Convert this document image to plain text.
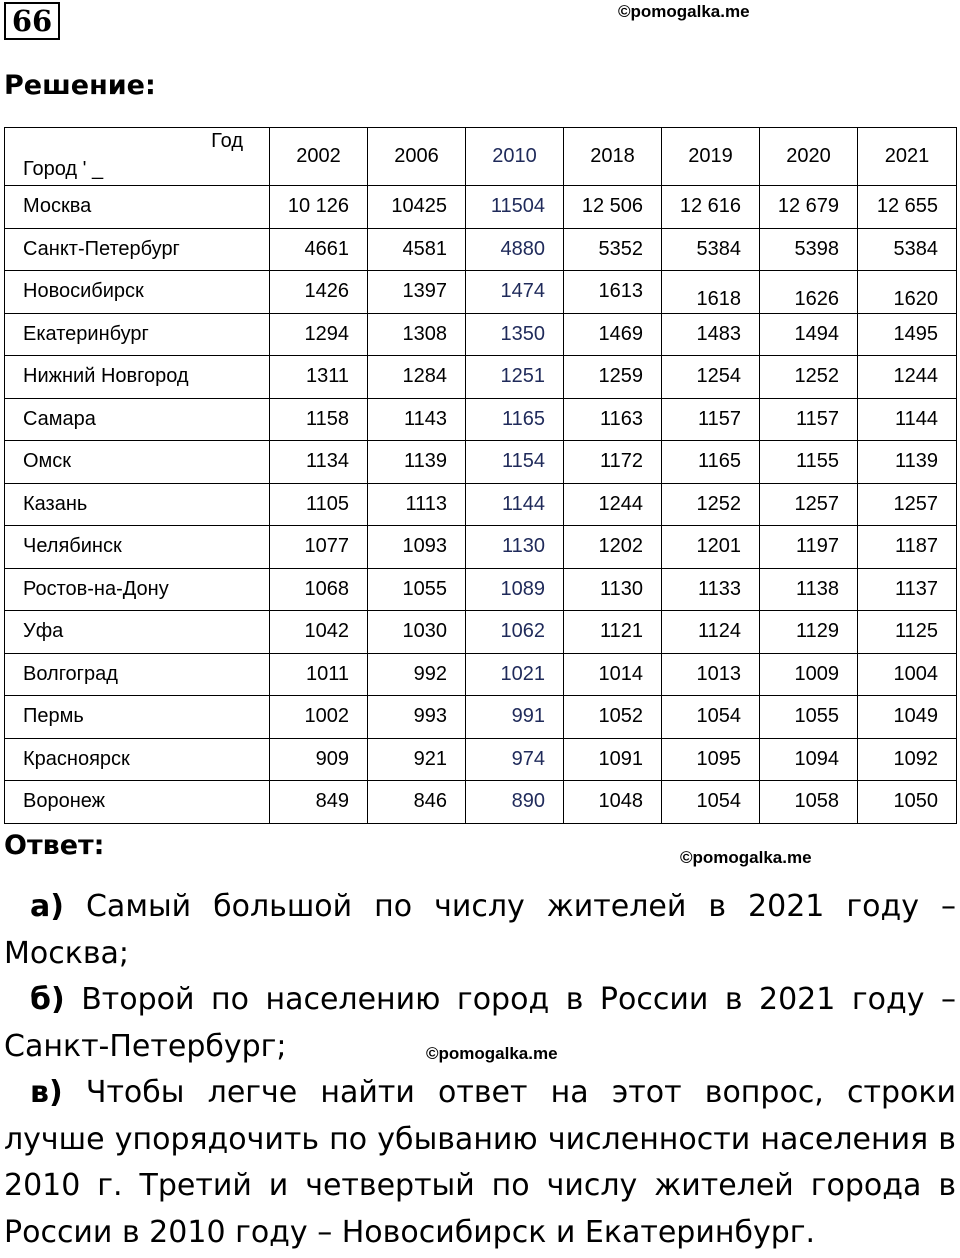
66	©pomogalka.me
Решение:
Год
Город ' _	2002	2006	2010	2018	2019	2020	2021
Москва	10 126	10425	11504	12 506	12 616	12 679	12 655
Санкт-Петербург	4661	4581	4880	5352	5384	5398	5384
Новосибирск	1426	1397	1474	1613	1618	1626	1620
Екатеринбург	1294	1308	1350	1469	1483	1494	1495
Нижний Новгород	1311	1284	1251	1259	1254	1252	1244
Самара	1158	1143	1165	1163	1157	1157	1144
Омск	1134	1139	1154	1172	1165	1155	1139
Казань	1105	1113	1144	1244	1252	1257	1257
Челябинск	1077	1093	1130	1202	1201	1197	1187
Ростов-на-Дону	1068	1055	1089	1130	1133	1138	1137
Уфа	1042	1030	1062	1121	1124	1129	1125
Волгоград	1011	992	1021	1014	1013	1009	1004
Пермь	1002	993	991	1052	1054	1055	1049
Красноярск	909	921	974	1091	1095	1094	1092
Воронеж	849	846	890	1048	1054	1058	1050
Ответ:	©pomogalka.me

а) Самый большой по числу жителей в 2021 году – Москва;

б) Второй по населению город в России в 2021 году – Санкт-Петербург;

в) Чтобы легче найти ответ на этот вопрос, строки лучше упорядочить по убыванию численности населения в 2010 г. Третий и четвертый по числу жителей города в России в 2010 году – Новосибирск и Екатеринбург.

©pomogalka.me
